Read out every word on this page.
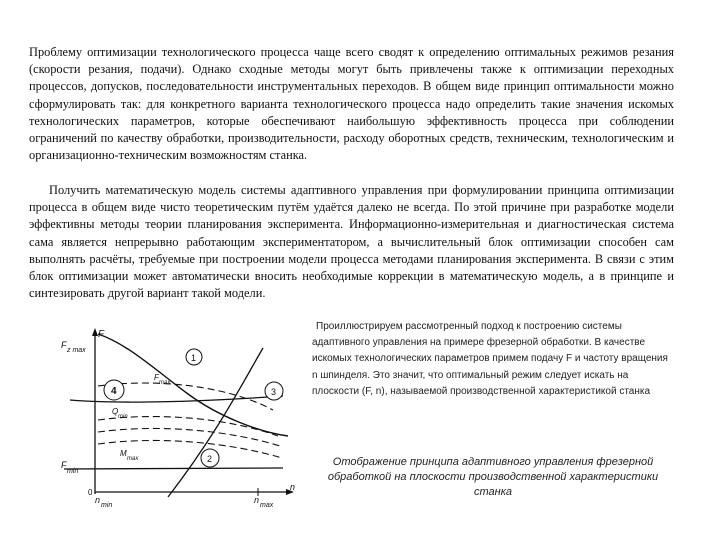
Проблему оптимизации технологического процесса чаще всего сводят к определению оптимальных режимов резания (скорости резания, подачи). Однако сходные методы могут быть привлечены также к оптимизации переходных процессов, допусков, последовательности инструментальных переходов. В общем виде принцип оптимальности можно сформулировать так: для конкретного варианта технологического процесса надо определить такие значения искомых технологических параметров, которые обеспечивают наибольшую эффективность процесса при соблюдении ограничений по качеству обработки, производительности, расходу оборотных средств, техническим, технологическим и организационно-техническим возможностям станка.

Получить математическую модель системы адаптивного управления при формулировании принципа оптимизации процесса в общем виде чисто теоретическим путём удаётся далеко не всегда. По этой причине при разработке модели эффективны методы теории планирования эксперимента. Информационно-измерительная и диагностическая система сама является непрерывно работающим экспериментатором, а вычислительный блок оптимизации способен сам выполнять расчёты, требуемые при построении модели процесса методами планирования эксперимента. В связи с этим блок оптимизации может автоматически вносить необходимые коррекции в математическую модель, а в принципе и синтезировать другой вариант такой модели.

1
3
4
2
F
F
z max
F
min
0
n
n
min
n
max
F
max
Q
min
M
max

Проиллюстрируем рассмотренный подход к построению системы адаптивного управления на примере фрезерной обработки. В качестве искомых технологических параметров примем подачу F и частоту вращения n шпинделя. Это значит, что оптимальный режим следует искать на плоскости (F, n), называемой производственной характеристикой станка

Отображение принципа адаптивного управления фрезерной обработкой на плоскости производственной характеристики станка
